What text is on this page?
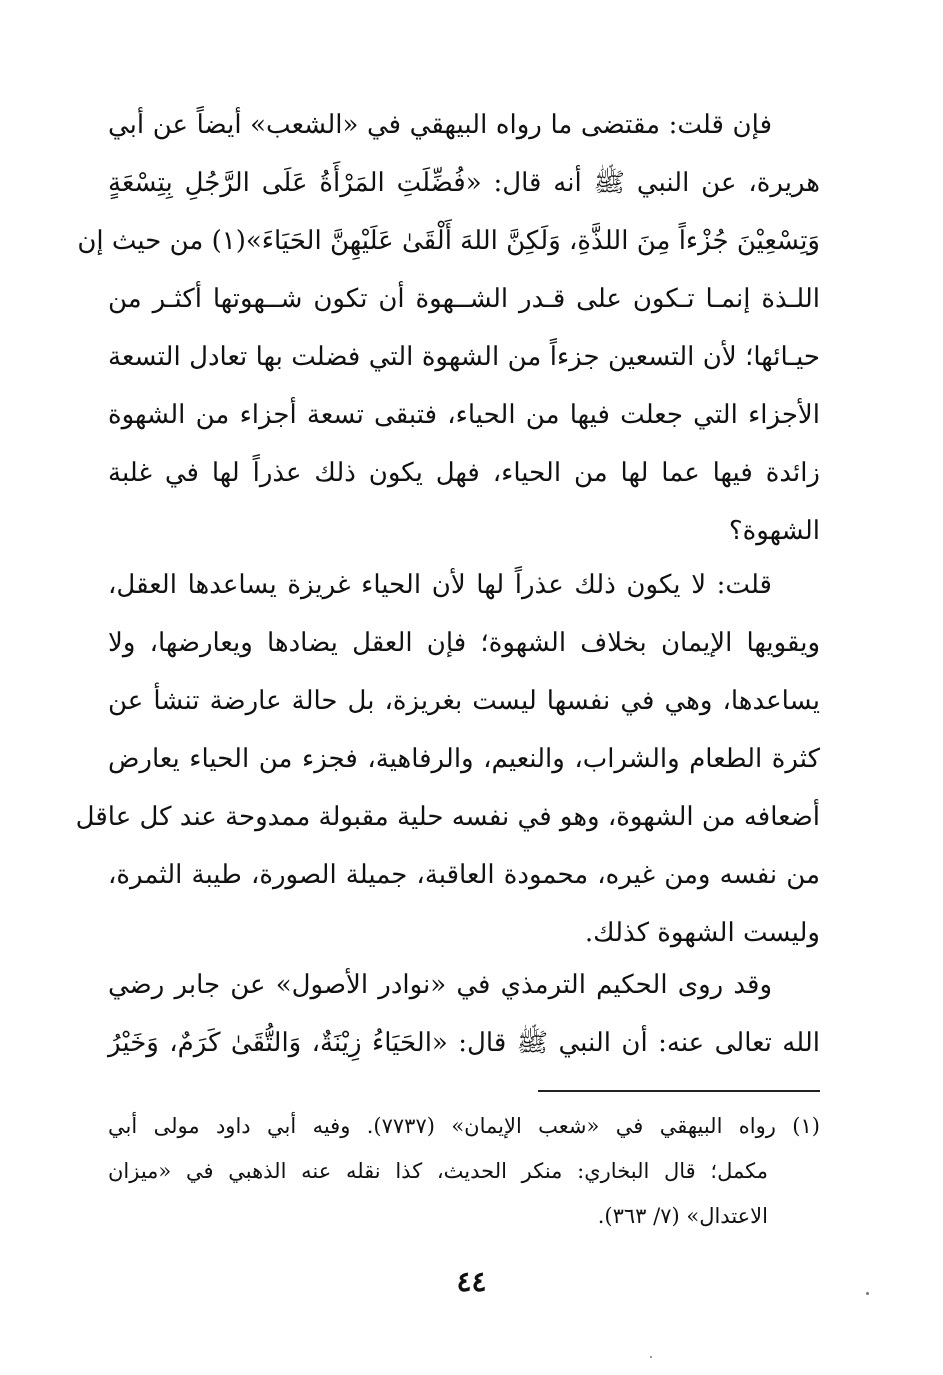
فإن قلت: مقتضى ما رواه البيهقي في «الشعب» أيضاً عن أبي
هريرة، عن النبي ﷺ أنه قال: «فُضِّلَتِ المَرْأَةُ عَلَى الرَّجُلِ بِتِسْعَةٍ
وَتِسْعِيْنَ جُزْءاً مِنَ اللذَّةِ، وَلَكِنَّ اللهَ أَلْقَىٰ عَلَيْهِنَّ الحَيَاءَ»(١) من حيث إن
اللـذة إنمـا تـكون على قـدر الشــهوة أن تكون شــهوتها أكثـر من
حيـائها؛ لأن التسعين جزءاً من الشهوة التي فضلت بها تعادل التسعة
الأجزاء التي جعلت فيها من الحياء، فتبقى تسعة أجزاء من الشهوة
زائدة فيها عما لها من الحياء، فهل يكون ذلك عذراً لها في غلبة
الشهوة؟
قلت: لا يكون ذلك عذراً لها لأن الحياء غريزة يساعدها العقل،
ويقويها الإيمان بخلاف الشهوة؛ فإن العقل يضادها ويعارضها، ولا
يساعدها، وهي في نفسها ليست بغريزة، بل حالة عارضة تنشأ عن
كثرة الطعام والشراب، والنعيم، والرفاهية، فجزء من الحياء يعارض
أضعافه من الشهوة، وهو في نفسه حلية مقبولة ممدوحة عند كل عاقل
من نفسه ومن غيره، محمودة العاقبة، جميلة الصورة، طيبة الثمرة،
وليست الشهوة كذلك.
وقد روى الحكيم الترمذي في «نوادر الأصول» عن جابر رضي
الله تعالى عنه: أن النبي ﷺ قال: «الحَيَاءُ زِيْنَةٌ، وَالتُّقَىٰ كَرَمٌ، وَخَيْرُ
(١) رواه البيهقي في «شعب الإيمان» (٧٧٣٧). وفيه أبي داود مولى أبي
مكمل؛ قال البخاري: منكر الحديث، كذا نقله عنه الذهبي في «ميزان
الاعتدال» (٧/ ٣٦٣).
٤٤
